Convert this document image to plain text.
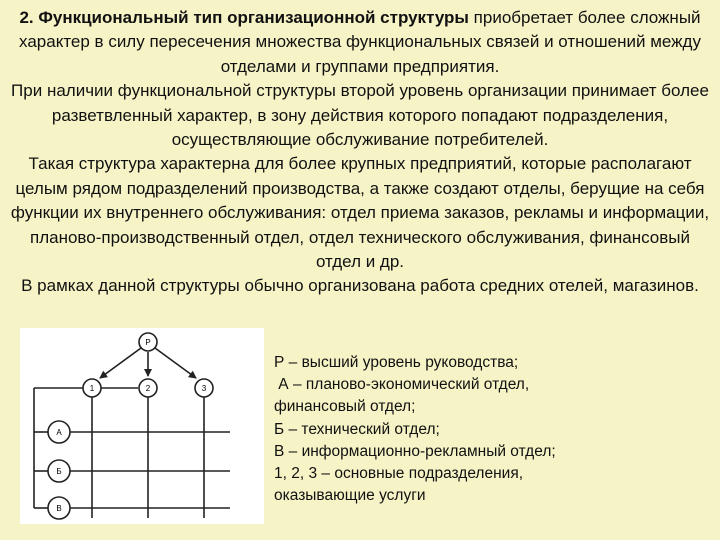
2. Функциональный тип организационной структуры приобретает более сложный характер в силу пересечения множества функциональных связей и отношений между отделами и группами предприятия.

При наличии функциональной структуры второй уровень организации принимает более разветвленный характер, в зону действия которого попадают подразделения, осуществляющие обслуживание потребителей.

Такая структура характерна для более крупных предприятий, которые располагают целым рядом подразделений производства, а также создают отделы, берущие на себя функции их внутреннего обслуживания: отдел приема заказов, рекламы и информации, планово-производственный отдел, отдел технического обслуживания, финансовый отдел и др.

В рамках данной структуры обычно организована работа средних отелей, магазинов.

Р
1	2	3
А
Б
В
Р – высший уровень руководства;
А – планово-экономический отдел,
финансовый отдел;
Б – технический отдел;
В – информационно-рекламный отдел;
1, 2, 3 – основные подразделения,
оказывающие услуги
